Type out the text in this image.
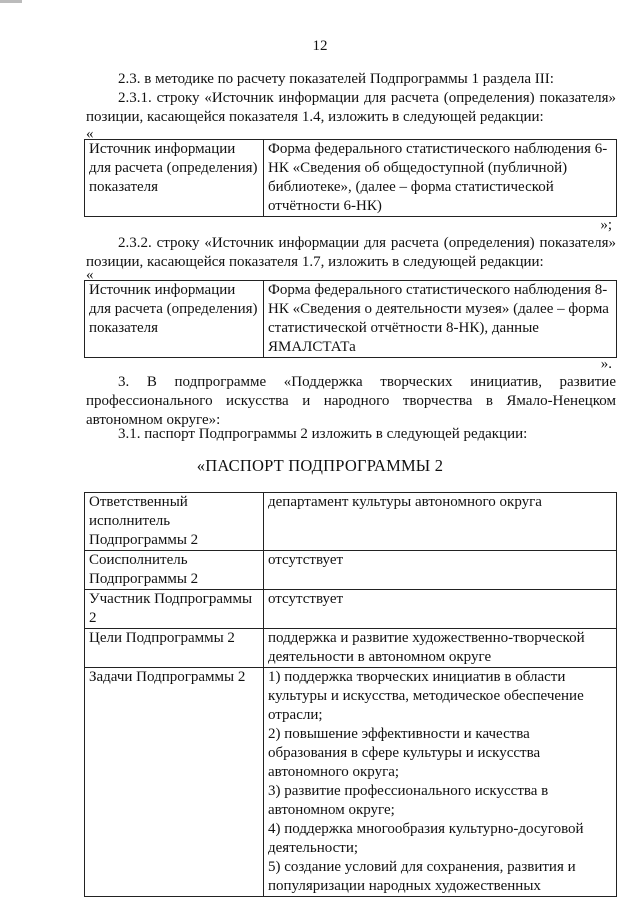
12

2.3. в методике по расчету показателей Подпрограммы 1 раздела III:

2.3.1. строку «Источник информации для расчета (определения) показателя» позиции, касающейся показателя 1.4, изложить в следующей редакции:

«
Источник информации для расчета (определения) показателя	Форма федерального статистического наблюдения 6-НК «Сведения об общедоступной (публичной) библиотеке», (далее – форма статистической отчётности 6-НК)
»;

2.3.2. строку «Источник информации для расчета (определения) показателя» позиции, касающейся показателя 1.7, изложить в следующей редакции:

«
Источник информации для расчета (определения) показателя	Форма федерального статистического наблюдения 8-НК «Сведения о деятельности музея» (далее – форма статистической отчётности 8-НК), данные ЯМАЛСТАТа
».

3. В подпрограмме «Поддержка творческих инициатив, развитие профессионального искусства и народного творчества в Ямало-Ненецком автономном округе»:

3.1. паспорт Подпрограммы 2 изложить в следующей редакции:

«ПАСПОРТ ПОДПРОГРАММЫ 2
Ответственный исполнитель Подпрограммы 2	департамент культуры автономного округа
Соисполнитель Подпрограммы 2	отсутствует
Участник Подпрограммы 2	отсутствует
Цели Подпрограммы 2	поддержка и развитие художественно-творческой деятельности в автономном округе
Задачи Подпрограммы 2	1) поддержка творческих инициатив в области культуры и искусства, методическое обеспечение отрасли;
2) повышение эффективности и качества образования в сфере культуры и искусства автономного округа;
3) развитие профессионального искусства в автономном округе;
4) поддержка многообразия культурно-досуговой деятельности;
5) создание условий для сохранения, развития и популяризации народных художественных
